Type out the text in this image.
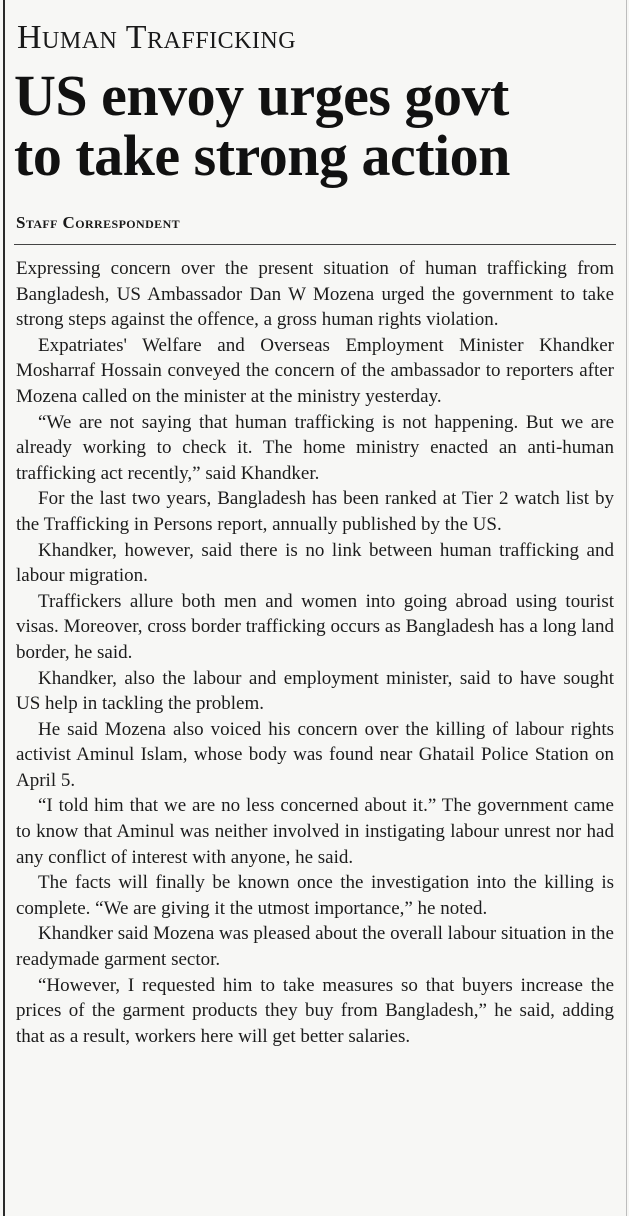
Human Trafficking
US envoy urges govt
to take strong action
Staff Correspondent

Expressing concern over the present situation of human trafficking from Bangladesh, US Ambassador Dan W Mozena urged the government to take strong steps against the offence, a gross human rights violation.

Expatriates' Welfare and Overseas Employment Minister Khandker Mosharraf Hossain conveyed the concern of the ambassador to reporters after Mozena called on the minister at the ministry yesterday.

“We are not saying that human trafficking is not happening. But we are already working to check it. The home ministry enacted an anti-human trafficking act recently,” said Khandker.

For the last two years, Bangladesh has been ranked at Tier 2 watch list by the Trafficking in Persons report, annually published by the US.

Khandker, however, said there is no link between human trafficking and labour migration.

Traffickers allure both men and women into going abroad using tourist visas. Moreover, cross border trafficking occurs as Bangladesh has a long land border, he said.

Khandker, also the labour and employment minister, said to have sought US help in tackling the problem.

He said Mozena also voiced his concern over the killing of labour rights activist Aminul Islam, whose body was found near Ghatail Police Station on April 5.

“I told him that we are no less concerned about it.” The government came to know that Aminul was neither involved in instigating labour unrest nor had any conflict of interest with anyone, he said.

The facts will finally be known once the investigation into the killing is complete. “We are giving it the utmost importance,” he noted.

Khandker said Mozena was pleased about the overall labour situation in the readymade garment sector.

“However, I requested him to take measures so that buyers increase the prices of the garment products they buy from Bangladesh,” he said, adding that as a result, workers here will get better salaries.
